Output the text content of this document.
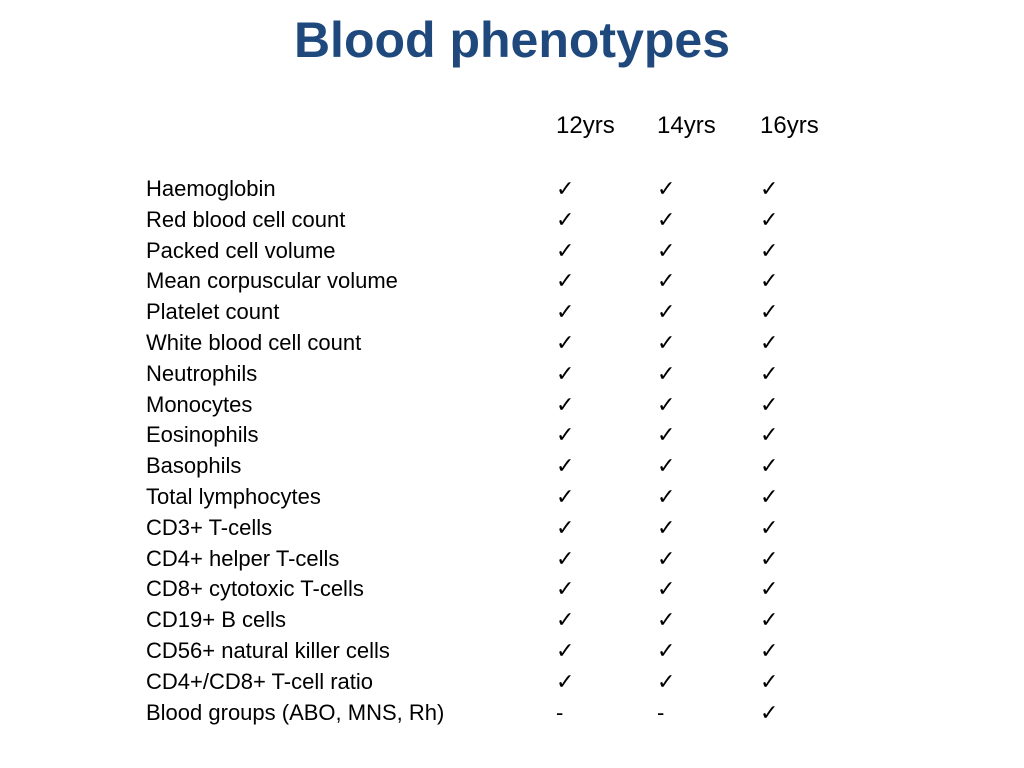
Blood phenotypes
12yrs 14yrs 16yrs
Haemoglobin	✓	✓	✓
Red blood cell count	✓	✓	✓
Packed cell volume	✓	✓	✓
Mean corpuscular volume	✓	✓	✓
Platelet count	✓	✓	✓
White blood cell count	✓	✓	✓
Neutrophils	✓	✓	✓
Monocytes	✓	✓	✓
Eosinophils	✓	✓	✓
Basophils	✓	✓	✓
Total lymphocytes	✓	✓	✓
CD3+ T-cells	✓	✓	✓
CD4+ helper T-cells	✓	✓	✓
CD8+ cytotoxic T-cells	✓	✓	✓
CD19+ B cells	✓	✓	✓
CD56+ natural killer cells	✓	✓	✓
CD4+/CD8+ T-cell ratio	✓	✓	✓
Blood groups (ABO, MNS, Rh)	-	-	✓
